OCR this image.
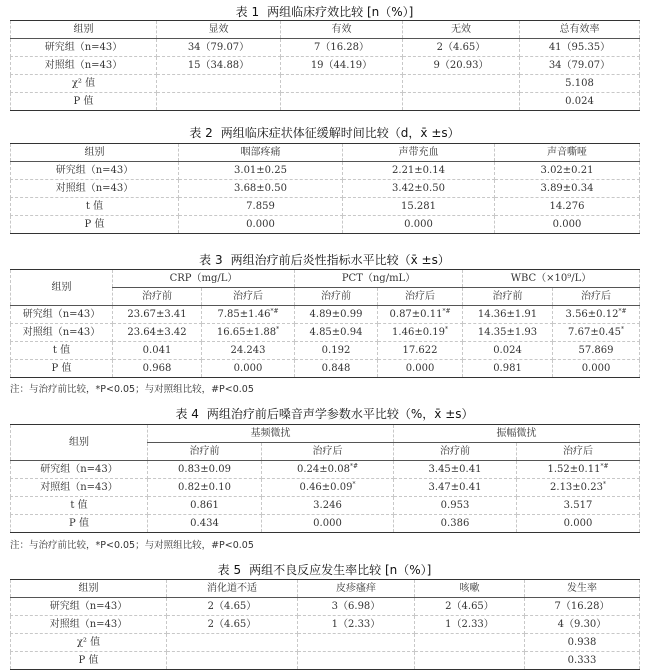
表 1 两组临床疗效比较 [n（%）]
组别	显效	有效	无效	总有效率
研究组（n=43）	34（79.07）	7（16.28）	2（4.65）	41（95.35）
对照组（n=43）	15（34.88）	19（44.19）	9（20.93）	34（79.07）
χ² 值				5.108
P 值				0.024
表 2 两组临床症状体征缓解时间比较（d，x̄ ±s）
组别	咽部疼痛	声带充血	声音嘶哑
研究组（n=43）	3.01±0.25	2.21±0.14	3.02±0.21
对照组（n=43）	3.68±0.50	3.42±0.50	3.89±0.34
t 值	7.859	15.281	14.276
P 值	0.000	0.000	0.000
表 3 两组治疗前后炎性指标水平比较（x̄ ±s）
组别	CRP（mg/L）		PCT（ng/mL）		WBC（×10⁹/L）	
	治疗前	治疗后	治疗前	治疗后	治疗前	治疗后
研究组（n=43）	23.67±3.41	7.85±1.46*#	4.89±0.99	0.87±0.11*#	14.36±1.91	3.56±0.12*#
对照组（n=43）	23.64±3.42	16.65±1.88*	4.85±0.94	1.46±0.19*	14.35±1.93	7.67±0.45*
t 值	0.041	24.243	0.192	17.622	0.024	57.869
P 值	0.968	0.000	0.848	0.000	0.981	0.000
注：与治疗前比较，*P<0.05；与对照组比较，#P<0.05
表 4 两组治疗前后嗓音声学参数水平比较（%，x̄ ±s）
组别	基频微扰		振幅微扰	
	治疗前	治疗后	治疗前	治疗后
研究组（n=43）	0.83±0.09	0.24±0.08*#	3.45±0.41	1.52±0.11*#
对照组（n=43）	0.82±0.10	0.46±0.09*	3.47±0.41	2.13±0.23*
t 值	0.861	3.246	0.953	3.517
P 值	0.434	0.000	0.386	0.000
注：与治疗前比较，*P<0.05；与对照组比较，#P<0.05
表 5 两组不良反应发生率比较 [n（%）]
组别	消化道不适	皮疹瘙痒	咳嗽	发生率
研究组（n=43）	2（4.65）	3（6.98）	2（4.65）	7（16.28）
对照组（n=43）	2（4.65）	1（2.33）	1（2.33）	4（9.30）
χ² 值				0.938
P 值				0.333
